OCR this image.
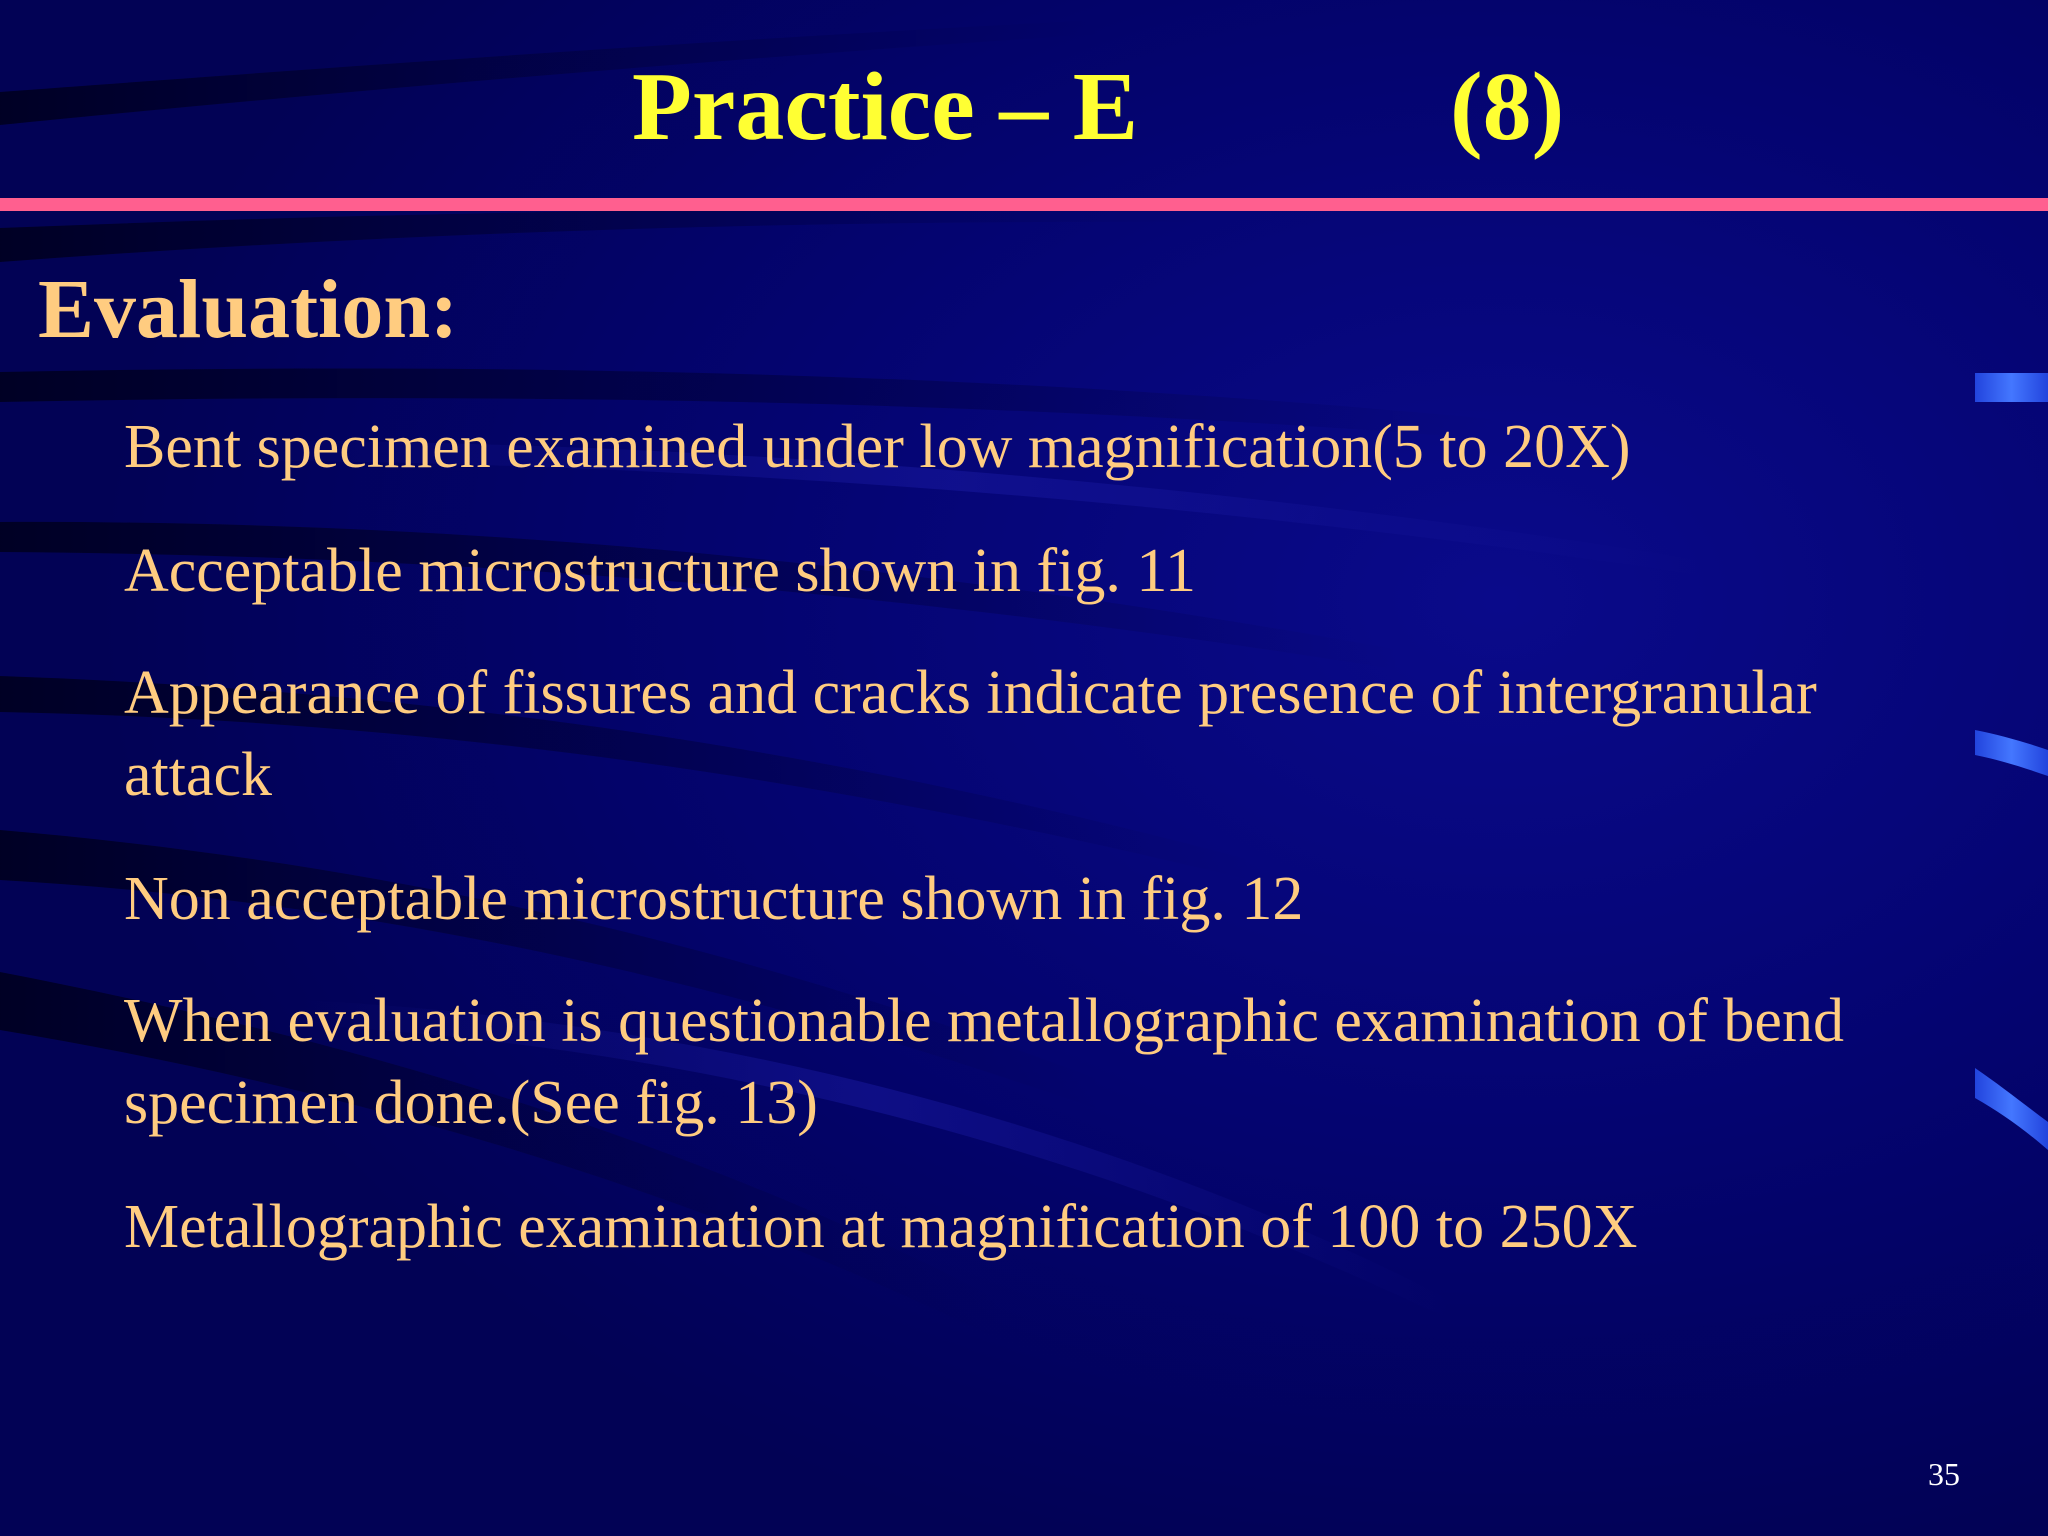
Practice – E	(8)
Evaluation:
Bent specimen examined under low magnification(5 to 20X)
Acceptable microstructure shown in fig. 11
Appearance of fissures and cracks indicate presence of intergranular attack
Non acceptable microstructure shown in fig. 12
When evaluation is questionable metallographic examination of bend specimen done.(See fig. 13)
Metallographic examination at magnification of 100 to 250X
35
